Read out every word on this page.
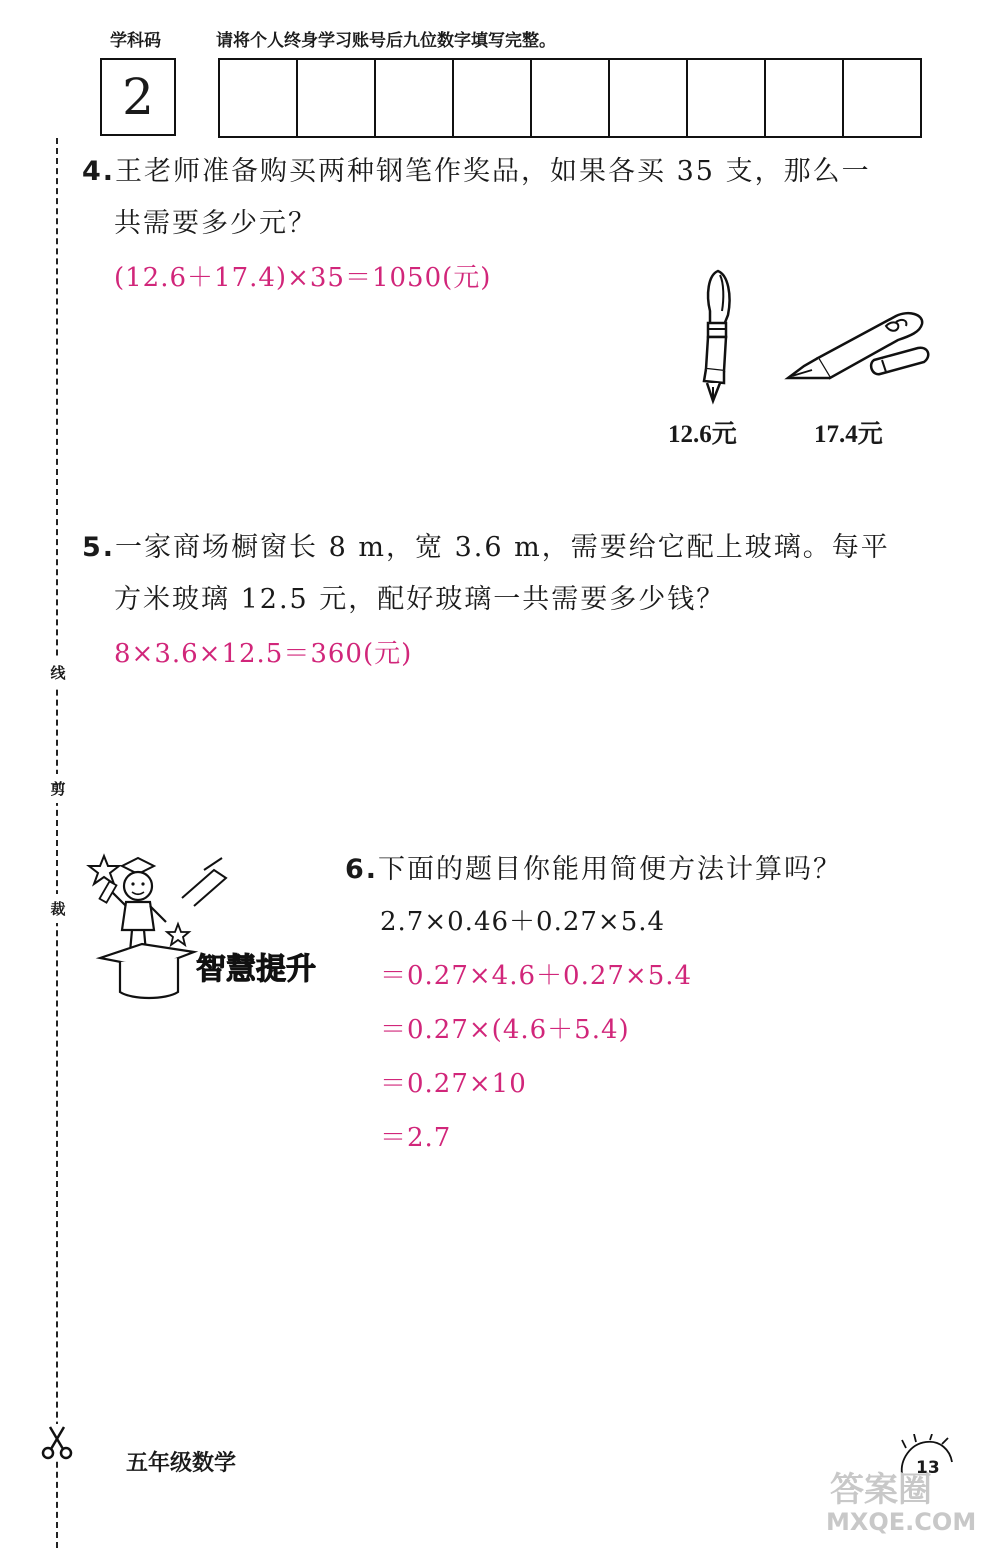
学科码	请将个人终身学习账号后九位数字填写完整。
2
线
剪
裁
4.王老师准备购买两种钢笔作奖品，如果各买 35 支，那么一
共需要多少元？
(12.6＋17.4)×35＝1050(元)
12.6元	17.4元
5.一家商场橱窗长 8 m，宽 3.6 m，需要给它配上玻璃。每平
方米玻璃 12.5 元，配好玻璃一共需要多少钱？
8×3.6×12.5＝360(元)
智慧提升
6.下面的题目你能用简便方法计算吗？
2.7×0.46＋0.27×5.4
＝0.27×4.6＋0.27×5.4
＝0.27×(4.6＋5.4)
＝0.27×10
＝2.7
五年级数学	13
答案圈
MXQE.COM
